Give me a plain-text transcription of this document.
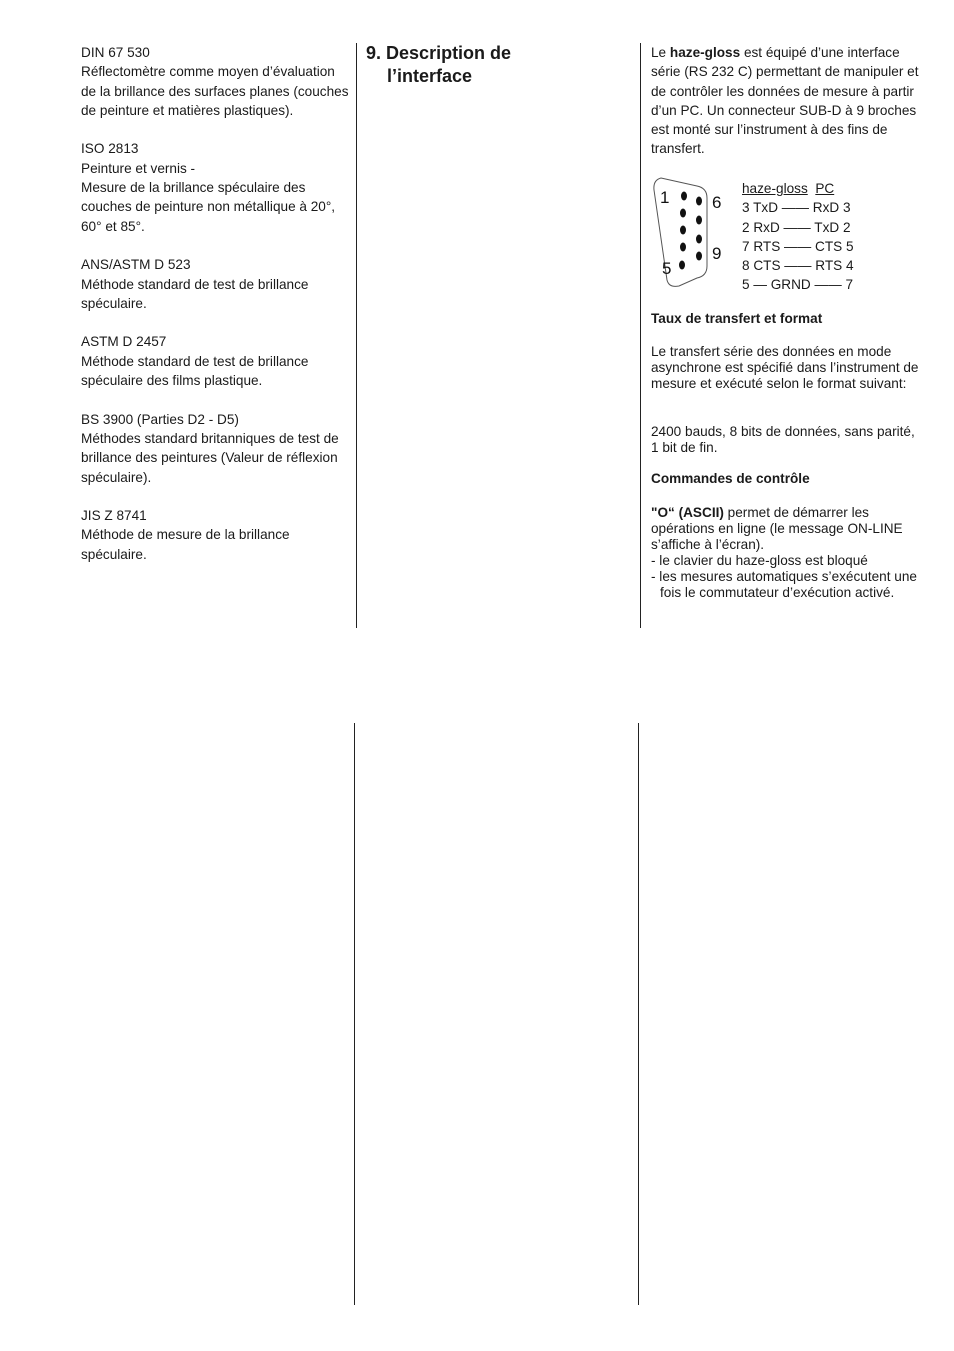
DIN 67 530
Réflectomètre comme moyen d’évaluation de la brillance des surfaces planes (couches de peinture et matières plastiques).
ISO 2813
Peinture et vernis -
Mesure de la brillance spéculaire des couches de peinture non métallique à 20°, 60° et 85°.
ANS/ASTM D 523
Méthode standard de test de brillance spéculaire.
ASTM D 2457
Méthode standard de test de brillance spéculaire des films plastique.
BS 3900 (Parties D2 - D5)
Méthodes standard britanniques de test de brillance des peintures (Valeur de réflexion spéculaire).
JIS Z 8741
Méthode de mesure de la brillance spéculaire.
9. Description de
l’interface

Le haze-gloss est équipé d’une interface série (RS 232 C) permettant de manipuler et de contrôler les données de mesure à partir d’un PC. Un connecteur SUB-D à 9 broches est monté sur l’instrument à des fins de transfert.

1
5
6
9
haze-gloss PC
3 TxD —— RxD 3
2 RxD —— TxD 2
7 RTS —— CTS 5
8 CTS —— RTS 4
5 — GRND —— 7
Taux de transfert et format
Le transfert série des données en mode asynchrone est spécifié dans l’instrument de mesure et exécuté selon le format suivant:
2400 bauds, 8 bits de données, sans parité, 1 bit de fin.
Commandes de contrôle
"O“ (ASCII) permet de démarrer les opérations en ligne (le message ON-LINE s’affiche à l’écran).
- le clavier du haze-gloss est bloqué
- les mesures automatiques s’exécutent une fois le commutateur d’exécution activé.
